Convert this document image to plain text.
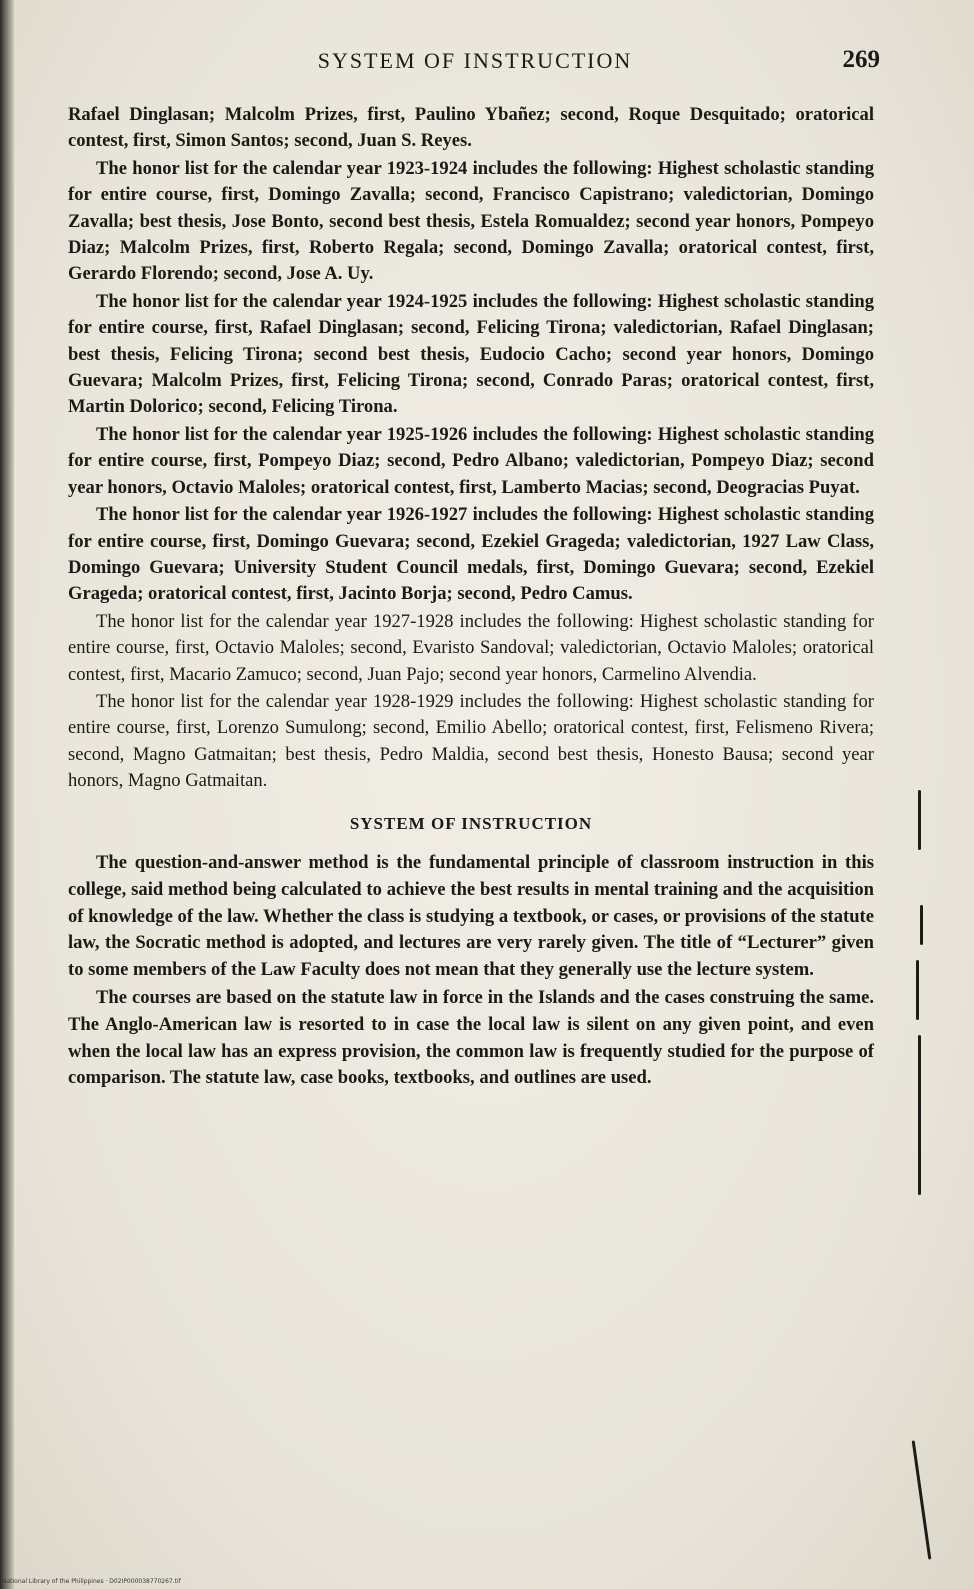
SYSTEM OF INSTRUCTION	269

Rafael Dinglasan; Malcolm Prizes, first, Paulino Ybañez; second, Roque Desquitado; oratorical contest, first, Simon Santos; second, Juan S. Reyes.

The honor list for the calendar year 1923-1924 includes the following: Highest scholastic standing for entire course, first, Domingo Zavalla; second, Francisco Capistrano; valedictorian, Domingo Zavalla; best thesis, Jose Bonto, second best thesis, Estela Romualdez; second year honors, Pompeyo Diaz; Malcolm Prizes, first, Roberto Regala; second, Domingo Zavalla; oratorical contest, first, Gerardo Florendo; second, Jose A. Uy.

The honor list for the calendar year 1924-1925 includes the following: Highest scholastic standing for entire course, first, Rafael Dinglasan; second, Felicing Tirona; valedictorian, Rafael Dinglasan; best thesis, Felicing Tirona; second best thesis, Eudocio Cacho; second year honors, Domingo Guevara; Malcolm Prizes, first, Felicing Tirona; second, Conrado Paras; oratorical contest, first, Martin Dolorico; second, Felicing Tirona.

The honor list for the calendar year 1925-1926 includes the following: Highest scholastic standing for entire course, first, Pompeyo Diaz; second, Pedro Albano; valedictorian, Pompeyo Diaz; second year honors, Octavio Maloles; oratorical contest, first, Lamberto Macias; second, Deogracias Puyat.

The honor list for the calendar year 1926-1927 includes the following: Highest scholastic standing for entire course, first, Domingo Guevara; second, Ezekiel Grageda; valedictorian, 1927 Law Class, Domingo Guevara; University Student Council medals, first, Domingo Guevara; second, Ezekiel Grageda; oratorical contest, first, Jacinto Borja; second, Pedro Camus.

The honor list for the calendar year 1927-1928 includes the following: Highest scholastic standing for entire course, first, Octavio Maloles; second, Evaristo Sandoval; valedictorian, Octavio Maloles; oratorical contest, first, Macario Zamuco; second, Juan Pajo; second year honors, Carmelino Alvendia.

The honor list for the calendar year 1928-1929 includes the following: Highest scholastic standing for entire course, first, Lorenzo Sumulong; second, Emilio Abello; oratorical contest, first, Felismeno Rivera; second, Magno Gatmaitan; best thesis, Pedro Maldia, second best thesis, Honesto Bausa; second year honors, Magno Gatmaitan.

SYSTEM OF INSTRUCTION

The question-and-answer method is the fundamental principle of classroom instruction in this college, said method being calculated to achieve the best results in mental training and the acquisition of knowledge of the law. Whether the class is studying a textbook, or cases, or provisions of the statute law, the Socratic method is adopted, and lectures are very rarely given. The title of “Lecturer” given to some members of the Law Faculty does not mean that they generally use the lecture system.

The courses are based on the statute law in force in the Islands and the cases construing the same. The Anglo-American law is resorted to in case the local law is silent on any given point, and even when the local law has an express provision, the common law is frequently studied for the purpose of comparison. The statute law, case books, textbooks, and outlines are used.

National Library of the Philippines · D02IP000038770267.tif
